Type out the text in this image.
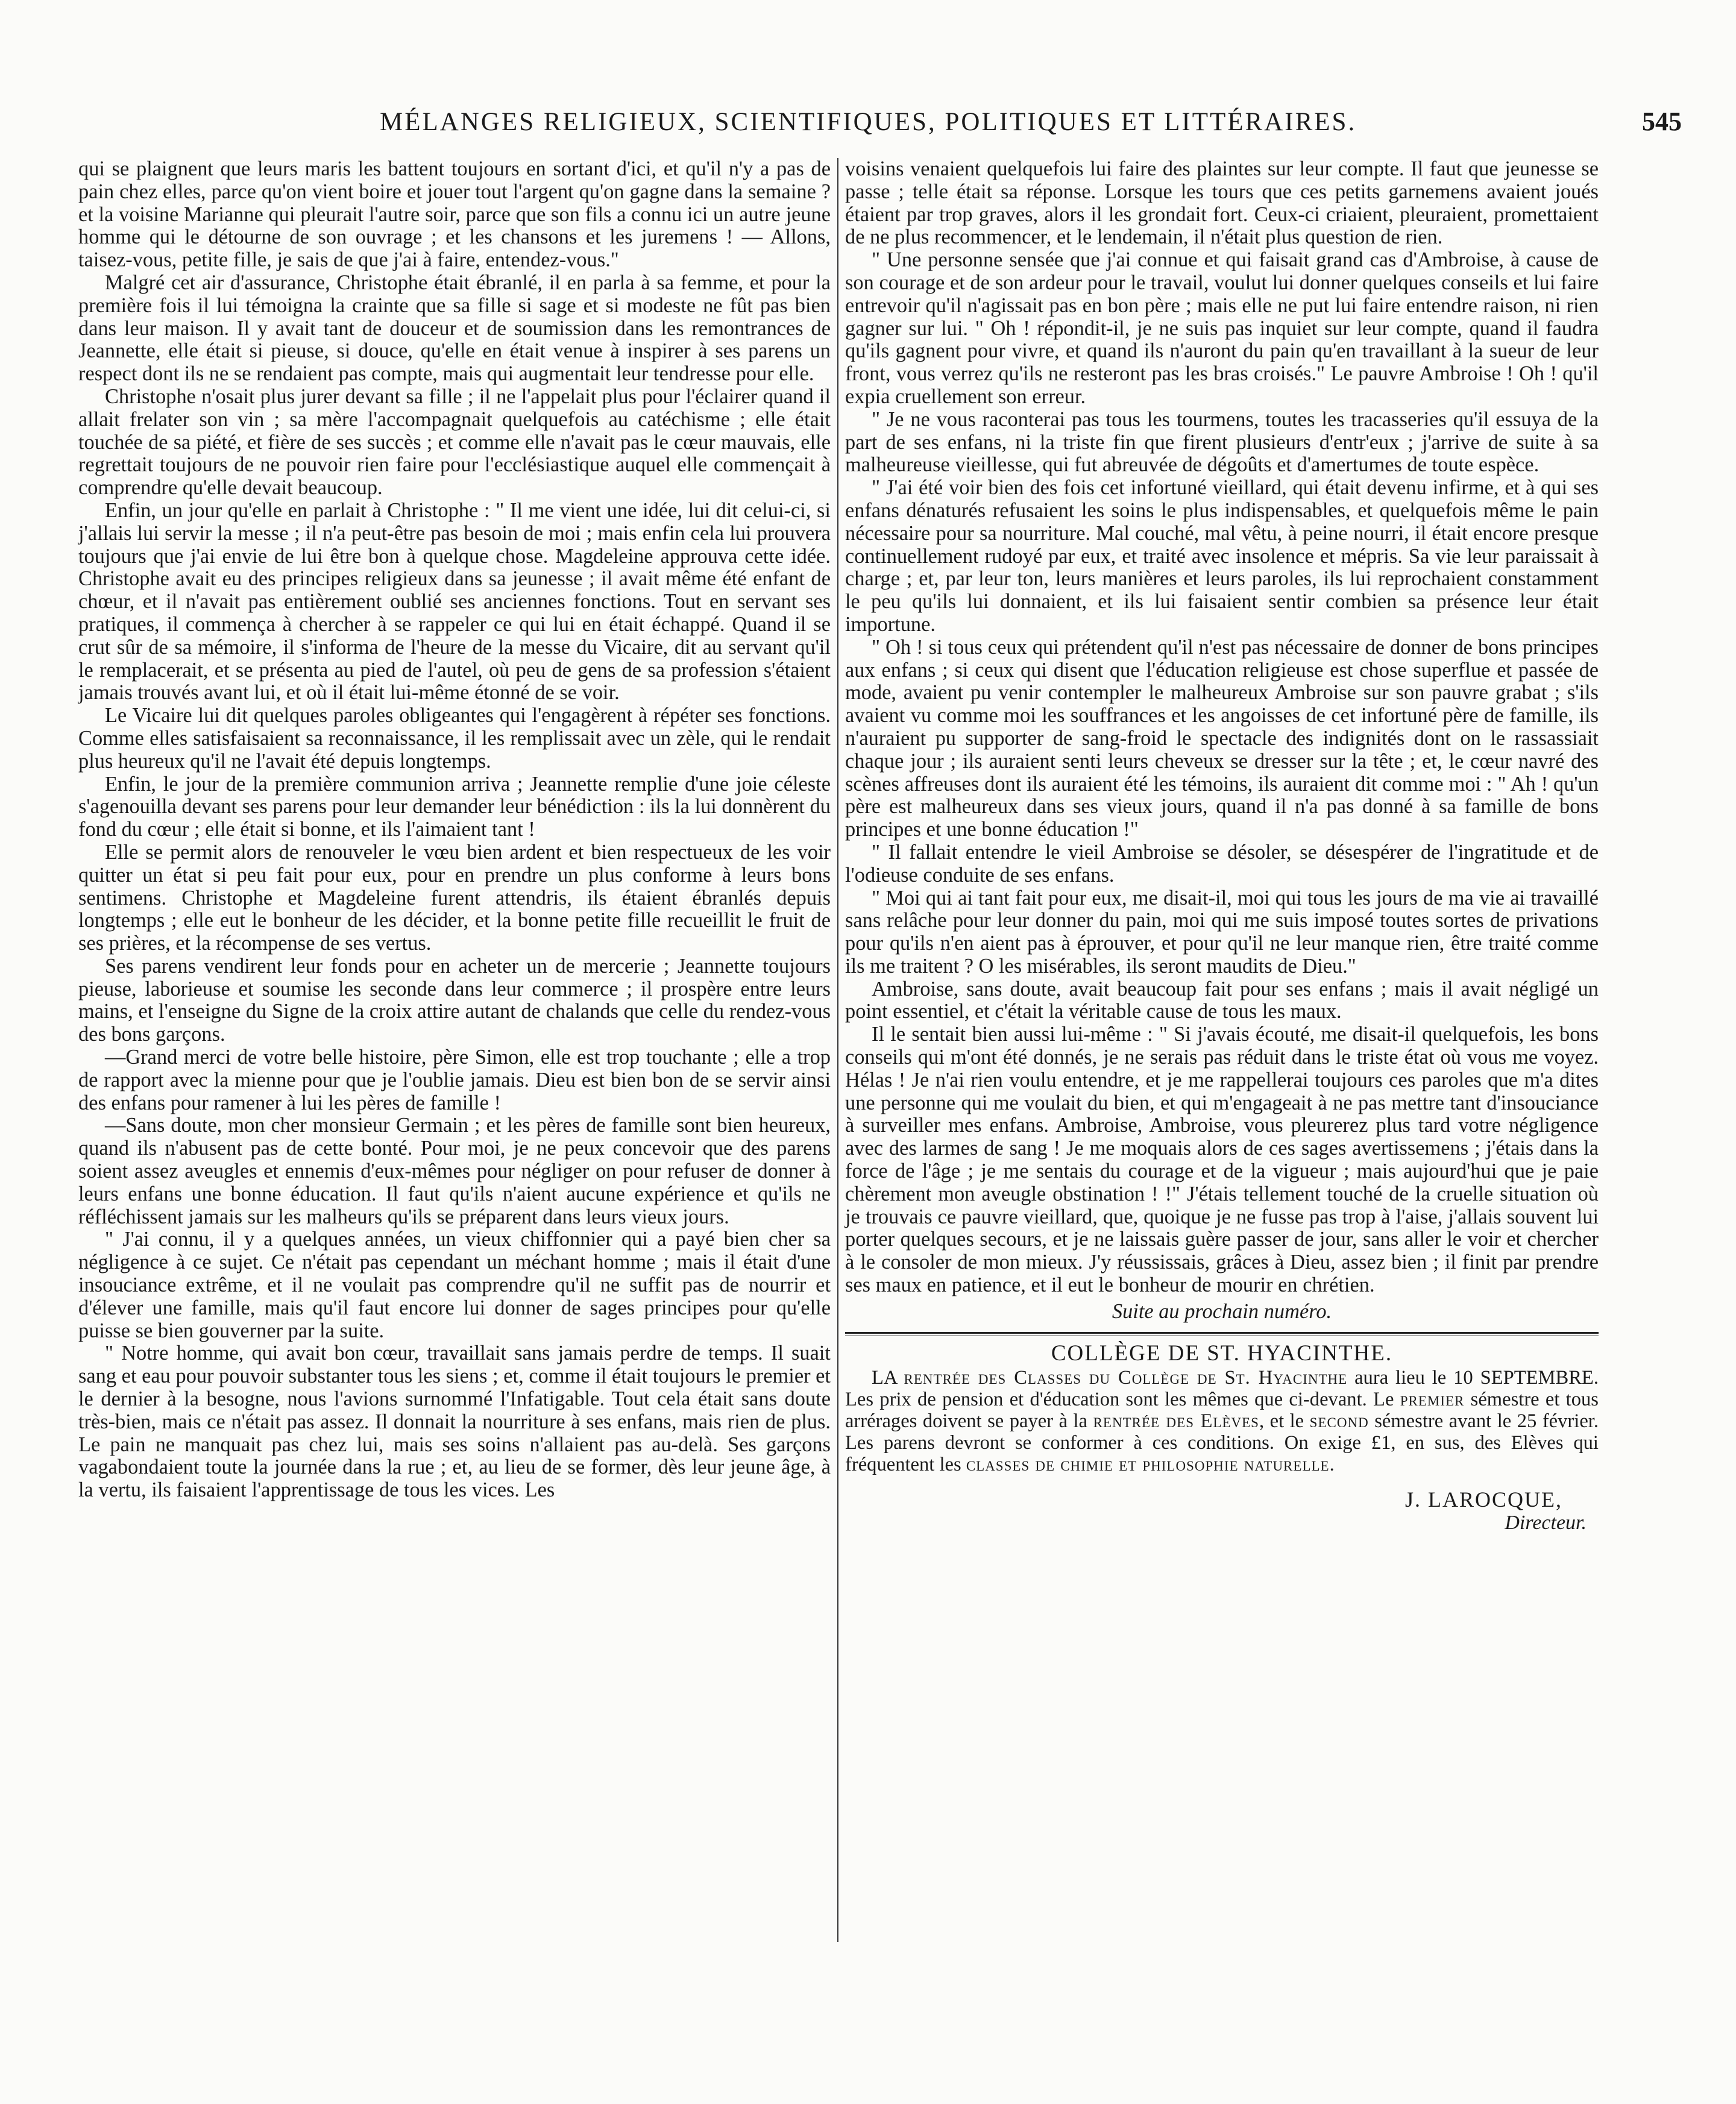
MÉLANGES RELIGIEUX, SCIENTIFIQUES, POLITIQUES ET LITTÉRAIRES.	545

qui se plaignent que leurs maris les battent toujours en sortant d'ici, et qu'il n'y a pas de pain chez elles, parce qu'on vient boire et jouer tout l'argent qu'on gagne dans la semaine ? et la voisine Marianne qui pleurait l'autre soir, parce que son fils a connu ici un autre jeune homme qui le détourne de son ouvrage ; et les chansons et les juremens ! — Allons, taisez-vous, petite fille, je sais de que j'ai à faire, entendez-vous."

Malgré cet air d'assurance, Christophe était ébranlé, il en parla à sa femme, et pour la première fois il lui témoigna la crainte que sa fille si sage et si modeste ne fût pas bien dans leur maison. Il y avait tant de douceur et de soumission dans les remontrances de Jeannette, elle était si pieuse, si douce, qu'elle en était venue à inspirer à ses parens un respect dont ils ne se rendaient pas compte, mais qui augmentait leur tendresse pour elle.

Christophe n'osait plus jurer devant sa fille ; il ne l'appelait plus pour l'éclairer quand il allait frelater son vin ; sa mère l'accompagnait quelquefois au catéchisme ; elle était touchée de sa piété, et fière de ses succès ; et comme elle n'avait pas le cœur mauvais, elle regrettait toujours de ne pouvoir rien faire pour l'ecclésiastique auquel elle commençait à comprendre qu'elle devait beaucoup.

Enfin, un jour qu'elle en parlait à Christophe : " Il me vient une idée, lui dit celui-ci, si j'allais lui servir la messe ; il n'a peut-être pas besoin de moi ; mais enfin cela lui prouvera toujours que j'ai envie de lui être bon à quelque chose. Magdeleine approuva cette idée. Christophe avait eu des principes religieux dans sa jeunesse ; il avait même été enfant de chœur, et il n'avait pas entièrement oublié ses anciennes fonctions. Tout en servant ses pratiques, il commença à chercher à se rappeler ce qui lui en était échappé. Quand il se crut sûr de sa mémoire, il s'informa de l'heure de la messe du Vicaire, dit au servant qu'il le remplacerait, et se présenta au pied de l'autel, où peu de gens de sa profession s'étaient jamais trouvés avant lui, et où il était lui-même étonné de se voir.

Le Vicaire lui dit quelques paroles obligeantes qui l'engagèrent à répéter ses fonctions. Comme elles satisfaisaient sa reconnaissance, il les remplissait avec un zèle, qui le rendait plus heureux qu'il ne l'avait été depuis longtemps.

Enfin, le jour de la première communion arriva ; Jeannette remplie d'une joie céleste s'agenouilla devant ses parens pour leur demander leur bénédiction : ils la lui donnèrent du fond du cœur ; elle était si bonne, et ils l'aimaient tant !

Elle se permit alors de renouveler le vœu bien ardent et bien respectueux de les voir quitter un état si peu fait pour eux, pour en prendre un plus conforme à leurs bons sentimens. Christophe et Magdeleine furent attendris, ils étaient ébranlés depuis longtemps ; elle eut le bonheur de les décider, et la bonne petite fille recueillit le fruit de ses prières, et la récompense de ses vertus.

Ses parens vendirent leur fonds pour en acheter un de mercerie ; Jeannette toujours pieuse, laborieuse et soumise les seconde dans leur commerce ; il prospère entre leurs mains, et l'enseigne du Signe de la croix attire autant de chalands que celle du rendez-vous des bons garçons.

—Grand merci de votre belle histoire, père Simon, elle est trop touchante ; elle a trop de rapport avec la mienne pour que je l'oublie jamais. Dieu est bien bon de se servir ainsi des enfans pour ramener à lui les pères de famille !

—Sans doute, mon cher monsieur Germain ; et les pères de famille sont bien heureux, quand ils n'abusent pas de cette bonté. Pour moi, je ne peux concevoir que des parens soient assez aveugles et ennemis d'eux-mêmes pour négliger on pour refuser de donner à leurs enfans une bonne éducation. Il faut qu'ils n'aient aucune expérience et qu'ils ne réfléchissent jamais sur les malheurs qu'ils se préparent dans leurs vieux jours.

" J'ai connu, il y a quelques années, un vieux chiffonnier qui a payé bien cher sa négligence à ce sujet. Ce n'était pas cependant un méchant homme ; mais il était d'une insouciance extrême, et il ne voulait pas comprendre qu'il ne suffit pas de nourrir et d'élever une famille, mais qu'il faut encore lui donner de sages principes pour qu'elle puisse se bien gouverner par la suite.

" Notre homme, qui avait bon cœur, travaillait sans jamais perdre de temps. Il suait sang et eau pour pouvoir substanter tous les siens ; et, comme il était toujours le premier et le dernier à la besogne, nous l'avions surnommé l'Infatigable. Tout cela était sans doute très-bien, mais ce n'était pas assez. Il donnait la nourriture à ses enfans, mais rien de plus. Le pain ne manquait pas chez lui, mais ses soins n'allaient pas au-delà. Ses garçons vagabondaient toute la journée dans la rue ; et, au lieu de se former, dès leur jeune âge, à la vertu, ils faisaient l'apprentissage de tous les vices. Les

voisins venaient quelquefois lui faire des plaintes sur leur compte. Il faut que jeunesse se passe ; telle était sa réponse. Lorsque les tours que ces petits garnemens avaient joués étaient par trop graves, alors il les grondait fort. Ceux-ci criaient, pleuraient, promettaient de ne plus recommencer, et le lendemain, il n'était plus question de rien.

" Une personne sensée que j'ai connue et qui faisait grand cas d'Ambroise, à cause de son courage et de son ardeur pour le travail, voulut lui donner quelques conseils et lui faire entrevoir qu'il n'agissait pas en bon père ; mais elle ne put lui faire entendre raison, ni rien gagner sur lui. " Oh ! répondit-il, je ne suis pas inquiet sur leur compte, quand il faudra qu'ils gagnent pour vivre, et quand ils n'auront du pain qu'en travaillant à la sueur de leur front, vous verrez qu'ils ne resteront pas les bras croisés." Le pauvre Ambroise ! Oh ! qu'il expia cruellement son erreur.

" Je ne vous raconterai pas tous les tourmens, toutes les tracasseries qu'il essuya de la part de ses enfans, ni la triste fin que firent plusieurs d'entr'eux ; j'arrive de suite à sa malheureuse vieillesse, qui fut abreuvée de dégoûts et d'amertumes de toute espèce.

" J'ai été voir bien des fois cet infortuné vieillard, qui était devenu infirme, et à qui ses enfans dénaturés refusaient les soins le plus indispensables, et quelquefois même le pain nécessaire pour sa nourriture. Mal couché, mal vêtu, à peine nourri, il était encore presque continuellement rudoyé par eux, et traité avec insolence et mépris. Sa vie leur paraissait à charge ; et, par leur ton, leurs manières et leurs paroles, ils lui reprochaient constamment le peu qu'ils lui donnaient, et ils lui faisaient sentir combien sa présence leur était importune.

" Oh ! si tous ceux qui prétendent qu'il n'est pas nécessaire de donner de bons principes aux enfans ; si ceux qui disent que l'éducation religieuse est chose superflue et passée de mode, avaient pu venir contempler le malheureux Ambroise sur son pauvre grabat ; s'ils avaient vu comme moi les souffrances et les angoisses de cet infortuné père de famille, ils n'auraient pu supporter de sang-froid le spectacle des indignités dont on le rassassiait chaque jour ; ils auraient senti leurs cheveux se dresser sur la tête ; et, le cœur navré des scènes affreuses dont ils auraient été les témoins, ils auraient dit comme moi : " Ah ! qu'un père est malheureux dans ses vieux jours, quand il n'a pas donné à sa famille de bons principes et une bonne éducation !"

" Il fallait entendre le vieil Ambroise se désoler, se désespérer de l'ingratitude et de l'odieuse conduite de ses enfans.

" Moi qui ai tant fait pour eux, me disait-il, moi qui tous les jours de ma vie ai travaillé sans relâche pour leur donner du pain, moi qui me suis imposé toutes sortes de privations pour qu'ils n'en aient pas à éprouver, et pour qu'il ne leur manque rien, être traité comme ils me traitent ? O les misérables, ils seront maudits de Dieu."

Ambroise, sans doute, avait beaucoup fait pour ses enfans ; mais il avait négligé un point essentiel, et c'était la véritable cause de tous les maux.

Il le sentait bien aussi lui-même : " Si j'avais écouté, me disait-il quelquefois, les bons conseils qui m'ont été donnés, je ne serais pas réduit dans le triste état où vous me voyez. Hélas ! Je n'ai rien voulu entendre, et je me rappellerai toujours ces paroles que m'a dites une personne qui me voulait du bien, et qui m'engageait à ne pas mettre tant d'insouciance à surveiller mes enfans. Ambroise, Ambroise, vous pleurerez plus tard votre négligence avec des larmes de sang ! Je me moquais alors de ces sages avertissemens ; j'étais dans la force de l'âge ; je me sentais du courage et de la vigueur ; mais aujourd'hui que je paie chèrement mon aveugle obstination ! !" J'étais tellement touché de la cruelle situation où je trouvais ce pauvre vieillard, que, quoique je ne fusse pas trop à l'aise, j'allais souvent lui porter quelques secours, et je ne laissais guère passer de jour, sans aller le voir et chercher à le consoler de mon mieux. J'y réussissais, grâces à Dieu, assez bien ; il finit par prendre ses maux en patience, et il eut le bonheur de mourir en chrétien.

Suite au prochain numéro.

COLLÈGE DE ST. HYACINTHE.

LA rentrée des Classes du Collège de St. Hyacinthe aura lieu le 10 SEPTEMBRE. Les prix de pension et d'éducation sont les mêmes que ci-devant. Le premier sémestre et tous arrérages doivent se payer à la rentrée des Elèves, et le second sémestre avant le 25 février. Les parens devront se conformer à ces conditions. On exige £1, en sus, des Elèves qui fréquentent les classes de chimie et philosophie naturelle.

J. LAROCQUE,
Directeur.
